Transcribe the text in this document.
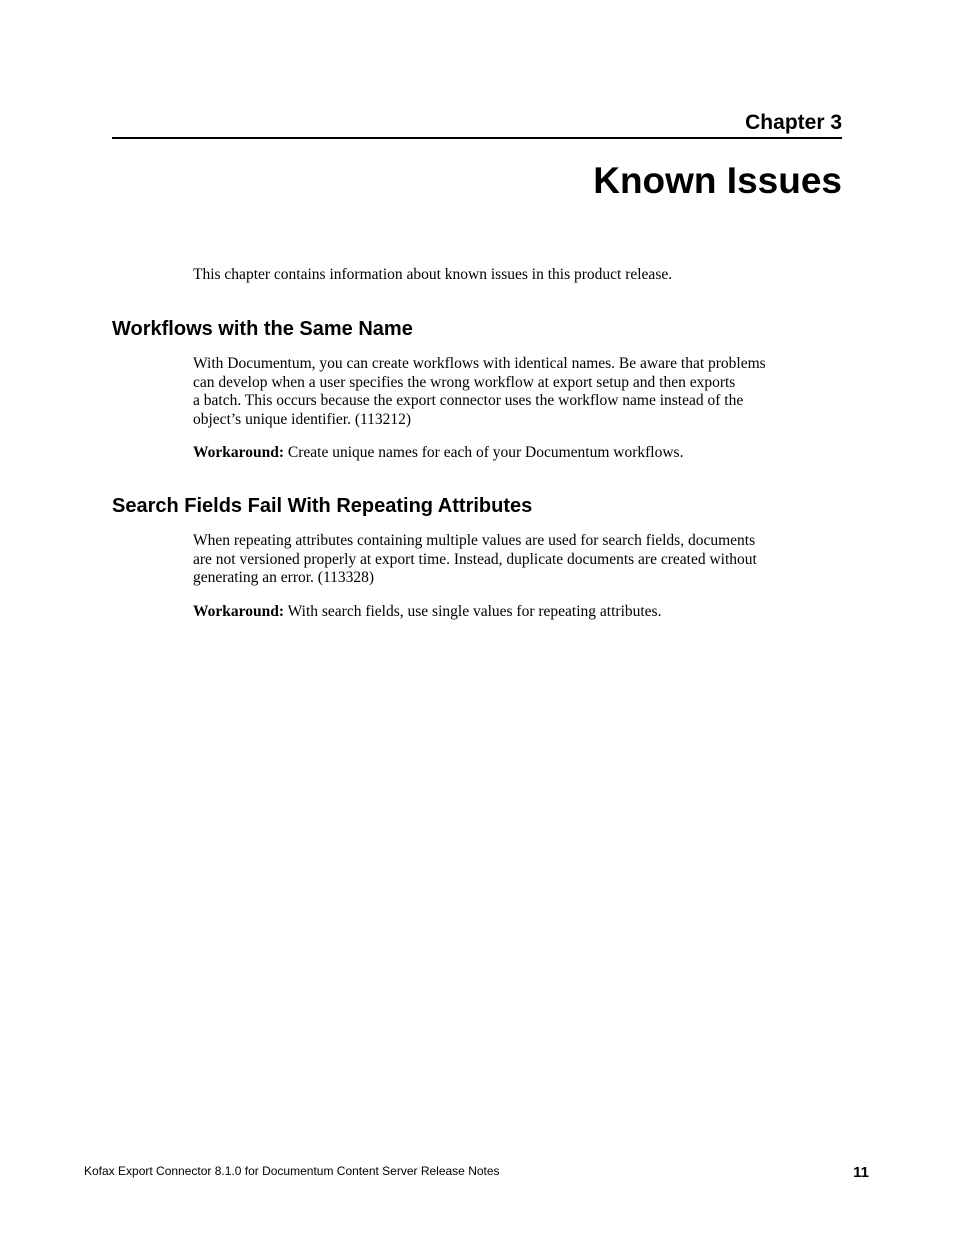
Chapter 3
Known Issues

This chapter contains information about known issues in this product release.

Workflows with the Same Name

With Documentum, you can create workflows with identical names. Be aware that problems
can develop when a user specifies the wrong workflow at export setup and then exports
a batch. This occurs because the export connector uses the workflow name instead of the
object’s unique identifier. (113212)

Workaround: Create unique names for each of your Documentum workflows.

Search Fields Fail With Repeating Attributes

When repeating attributes containing multiple values are used for search fields, documents
are not versioned properly at export time. Instead, duplicate documents are created without
generating an error. (113328)

Workaround: With search fields, use single values for repeating attributes.

Kofax Export Connector 8.1.0 for Documentum Content Server Release Notes	11
